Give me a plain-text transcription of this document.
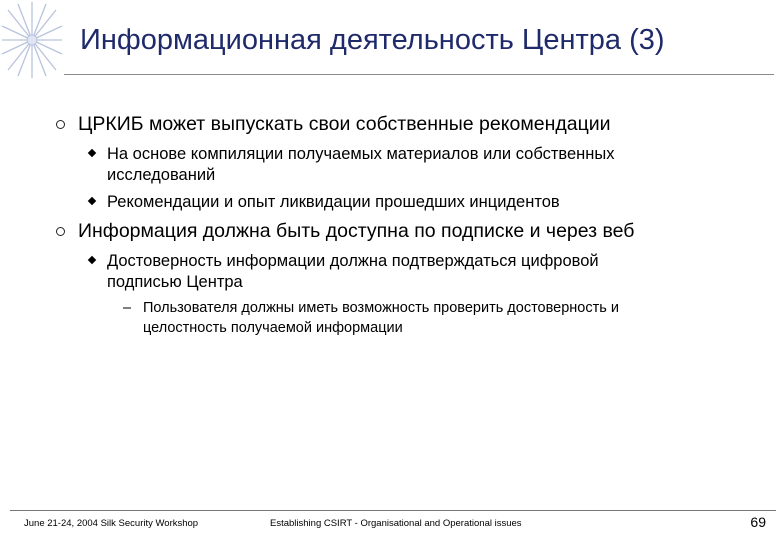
Информационная деятельность Центра (3)
ЦРКИБ может выпускать свои собственные рекомендации
На основе компиляции получаемых материалов или собственных
исследований
Рекомендации и опыт ликвидации прошедших инцидентов
Информация должна быть доступна по подписке и через веб
Достоверность информации должна подтверждаться цифровой
подписью Центра
– Пользователя должны иметь возможность проверить достоверность и
целостность получаемой информации
June 21-24, 2004 Silk Security Workshop	Establishing CSIRT - Organisational and Operational issues	69
